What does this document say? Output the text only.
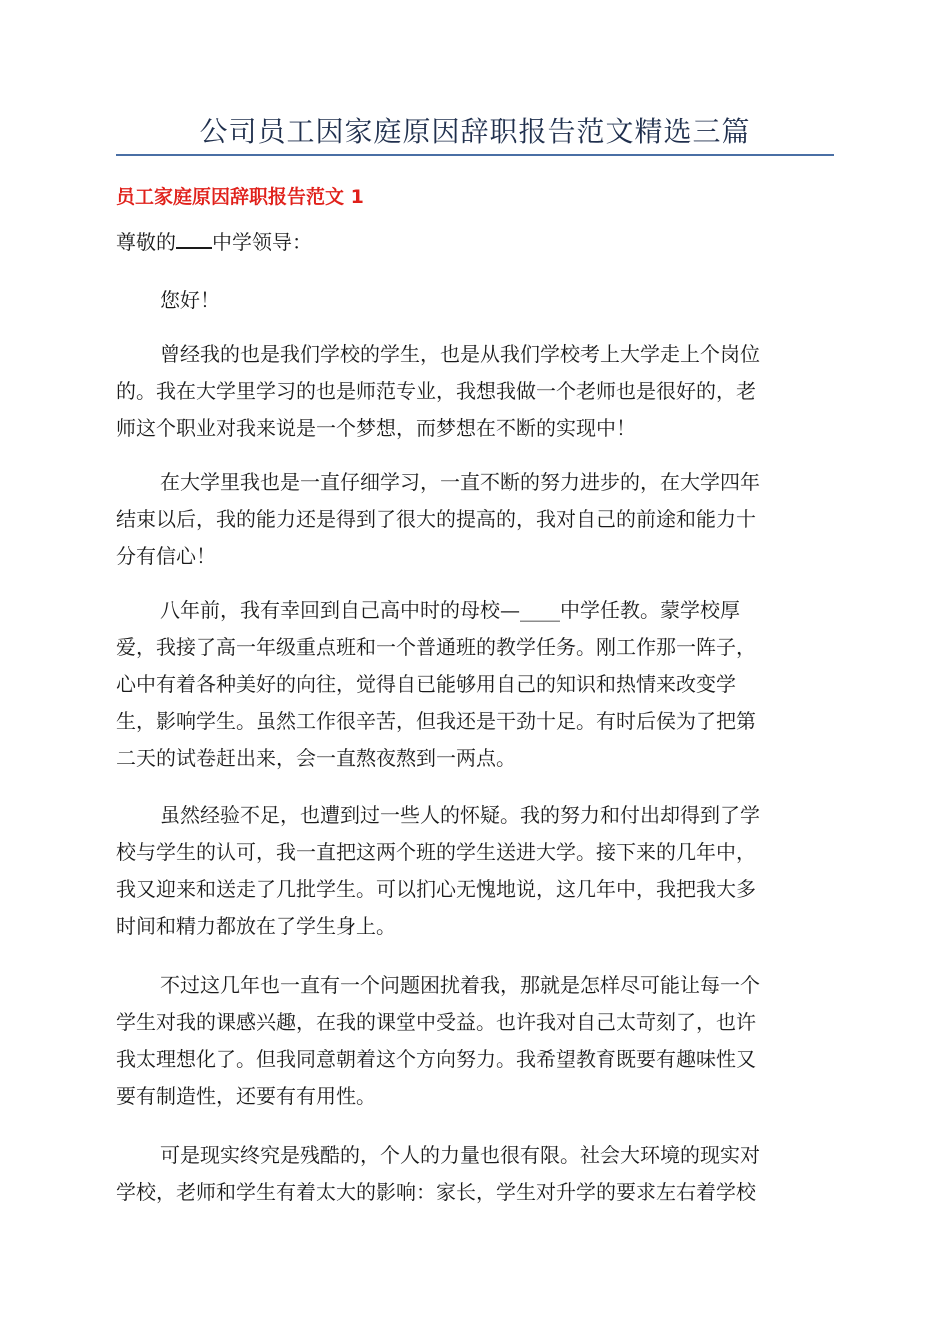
公司员工因家庭原因辞职报告范文精选三篇
员工家庭原因辞职报告范文 1
尊敬的 中学领导：
您好！
曾经我的也是我们学校的学生，也是从我们学校考上大学走上个岗位
的。我在大学里学习的也是师范专业，我想我做一个老师也是很好的，老
师这个职业对我来说是一个梦想，而梦想在不断的实现中！
在大学里我也是一直仔细学习，一直不断的努力进步的，在大学四年
结束以后，我的能力还是得到了很大的提高的，我对自己的前途和能力十
分有信心！
八年前，我有幸回到自己高中时的母校—____中学任教。蒙学校厚
爱，我接了高一年级重点班和一个普通班的教学任务。刚工作那一阵子，
心中有着各种美好的向往，觉得自已能够用自己的知识和热情来改变学
生，影响学生。虽然工作很辛苦，但我还是干劲十足。有时后侯为了把第
二天的试卷赶出来，会一直熬夜熬到一两点。
虽然经验不足，也遭到过一些人的怀疑。我的努力和付出却得到了学
校与学生的认可，我一直把这两个班的学生送进大学。接下来的几年中，
我又迎来和送走了几批学生。可以扪心无愧地说，这几年中，我把我大多
时间和精力都放在了学生身上。
不过这几年也一直有一个问题困扰着我，那就是怎样尽可能让每一个
学生对我的课感兴趣，在我的课堂中受益。也许我对自己太苛刻了，也许
我太理想化了。但我同意朝着这个方向努力。我希望教育既要有趣味性又
要有制造性，还要有有用性。
可是现实终究是残酷的，个人的力量也很有限。社会大环境的现实对
学校，老师和学生有着太大的影响：家长，学生对升学的要求左右着学校
